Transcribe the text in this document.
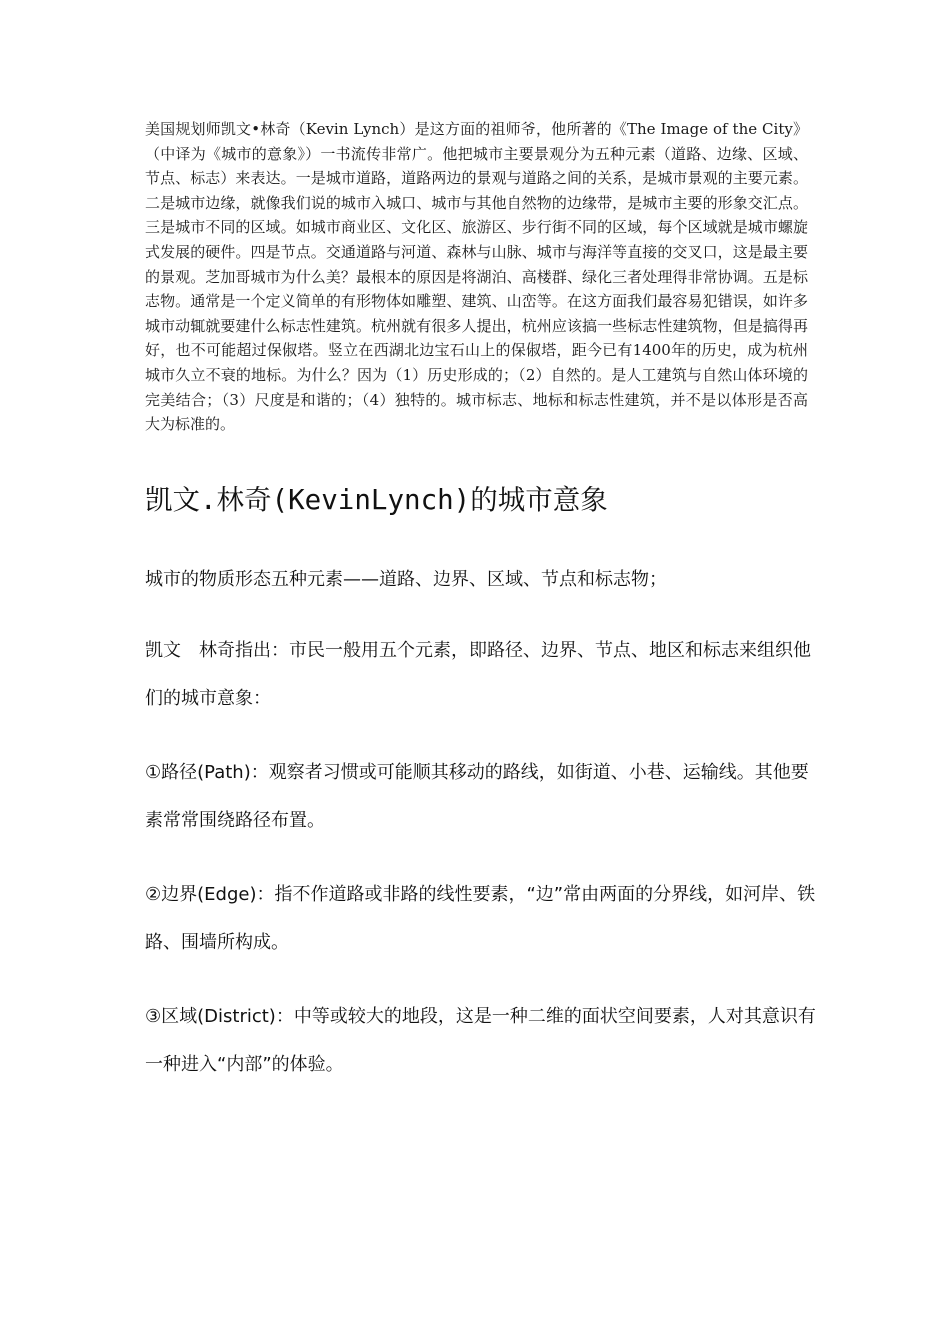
美国规划师凯文•林奇（Kevin Lynch）是这方面的祖师爷，他所著的《The Image of the City》（中译为《城市的意象》）一书流传非常广。他把城市主要景观分为五种元素（道路、边缘、区域、节点、标志）来表达。一是城市道路，道路两边的景观与道路之间的关系，是城市景观的主要元素。二是城市边缘，就像我们说的城市入城口、城市与其他自然物的边缘带，是城市主要的形象交汇点。三是城市不同的区域。如城市商业区、文化区、旅游区、步行街不同的区域，每个区域就是城市螺旋式发展的硬件。四是节点。交通道路与河道、森林与山脉、城市与海洋等直接的交叉口，这是最主要的景观。芝加哥城市为什么美？最根本的原因是将湖泊、高楼群、绿化三者处理得非常协调。五是标志物。通常是一个定义简单的有形物体如雕塑、建筑、山峦等。在这方面我们最容易犯错误，如许多城市动辄就要建什么标志性建筑。杭州就有很多人提出，杭州应该搞一些标志性建筑物，但是搞得再好，也不可能超过保俶塔。竖立在西湖北边宝石山上的保俶塔，距今已有1400年的历史，成为杭州城市久立不衰的地标。为什么？因为（1）历史形成的；（2）自然的。是人工建筑与自然山体环境的完美结合；（3）尺度是和谐的；（4）独特的。城市标志、地标和标志性建筑，并不是以体形是否高大为标准的。

凯文.林奇(KevinLynch)的城市意象

城市的物质形态五种元素——道路、边界、区域、节点和标志物；

凯文　林奇指出：市民一般用五个元素，即路径、边界、节点、地区和标志来组织他们的城市意象：

①路径(Path)：观察者习惯或可能顺其移动的路线，如街道、小巷、运输线。其他要素常常围绕路径布置。

②边界(Edge)：指不作道路或非路的线性要素，“边”常由两面的分界线，如河岸、铁路、围墙所构成。

③区域(District)：中等或较大的地段，这是一种二维的面状空间要素，人对其意识有一种进入“内部”的体验。
